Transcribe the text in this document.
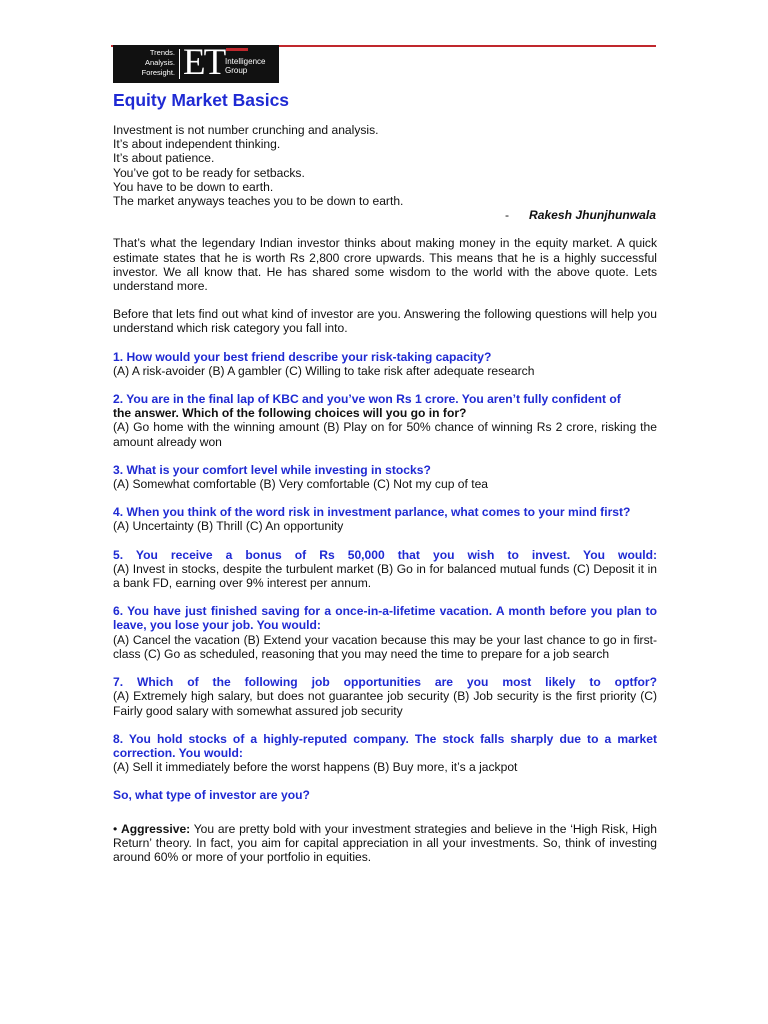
Trends.
Analysis.
Foresight. ET Intelligence
Group
Equity Market Basics
Investment is not number crunching and analysis.
It’s about independent thinking.
It’s about patience.
You’ve got to be ready for setbacks.
You have to be down to earth.
The market anyways teaches you to be down to earth.
- Rakesh Jhunjhunwala

That’s what the legendary Indian investor thinks about making money in the equity market. A quick estimate states that he is worth Rs 2,800 crore upwards. This means that he is a highly successful investor. We all know that. He has shared some wisdom to the world with the above quote. Lets understand more.

Before that lets find out what kind of investor are you. Answering the following questions will help you understand which risk category you fall into.

1. How would your best friend describe your risk-taking capacity?
(A) A risk-avoider (B) A gambler (C) Willing to take risk after adequate research
2. You are in the final lap of KBC and you’ve won Rs 1 crore. You aren’t fully confident of
the answer. Which of the following choices will you go in for?
(A) Go home with the winning amount (B) Play on for 50% chance of winning Rs 2 crore, risking the amount already won
3. What is your comfort level while investing in stocks?
(A) Somewhat comfortable (B) Very comfortable (C) Not my cup of tea
4. When you think of the word risk in investment parlance, what comes to your mind first?
(A) Uncertainty (B) Thrill (C) An opportunity
5. You receive a bonus of Rs 50,000 that you wish to invest. You would:
(A) Invest in stocks, despite the turbulent market (B) Go in for balanced mutual funds (C) Deposit it in a bank FD, earning over 9% interest per annum.
6. You have just finished saving for a once-in-a-lifetime vacation. A month before you plan to leave, you lose your job. You would:
(A) Cancel the vacation (B) Extend your vacation because this may be your last chance to go in first-class (C) Go as scheduled, reasoning that you may need the time to prepare for a job search
7. Which of the following job opportunities are you most likely to optfor?
(A) Extremely high salary, but does not guarantee job security (B) Job security is the first priority (C) Fairly good salary with somewhat assured job security
8. You hold stocks of a highly-reputed company. The stock falls sharply due to a market correction. You would:
(A) Sell it immediately before the worst happens (B) Buy more, it’s a jackpot
So, what type of investor are you?

• Aggressive: You are pretty bold with your investment strategies and believe in the ‘High Risk, High Return’ theory. In fact, you aim for capital appreciation in all your investments. So, think of investing around 60% or more of your portfolio in equities.
